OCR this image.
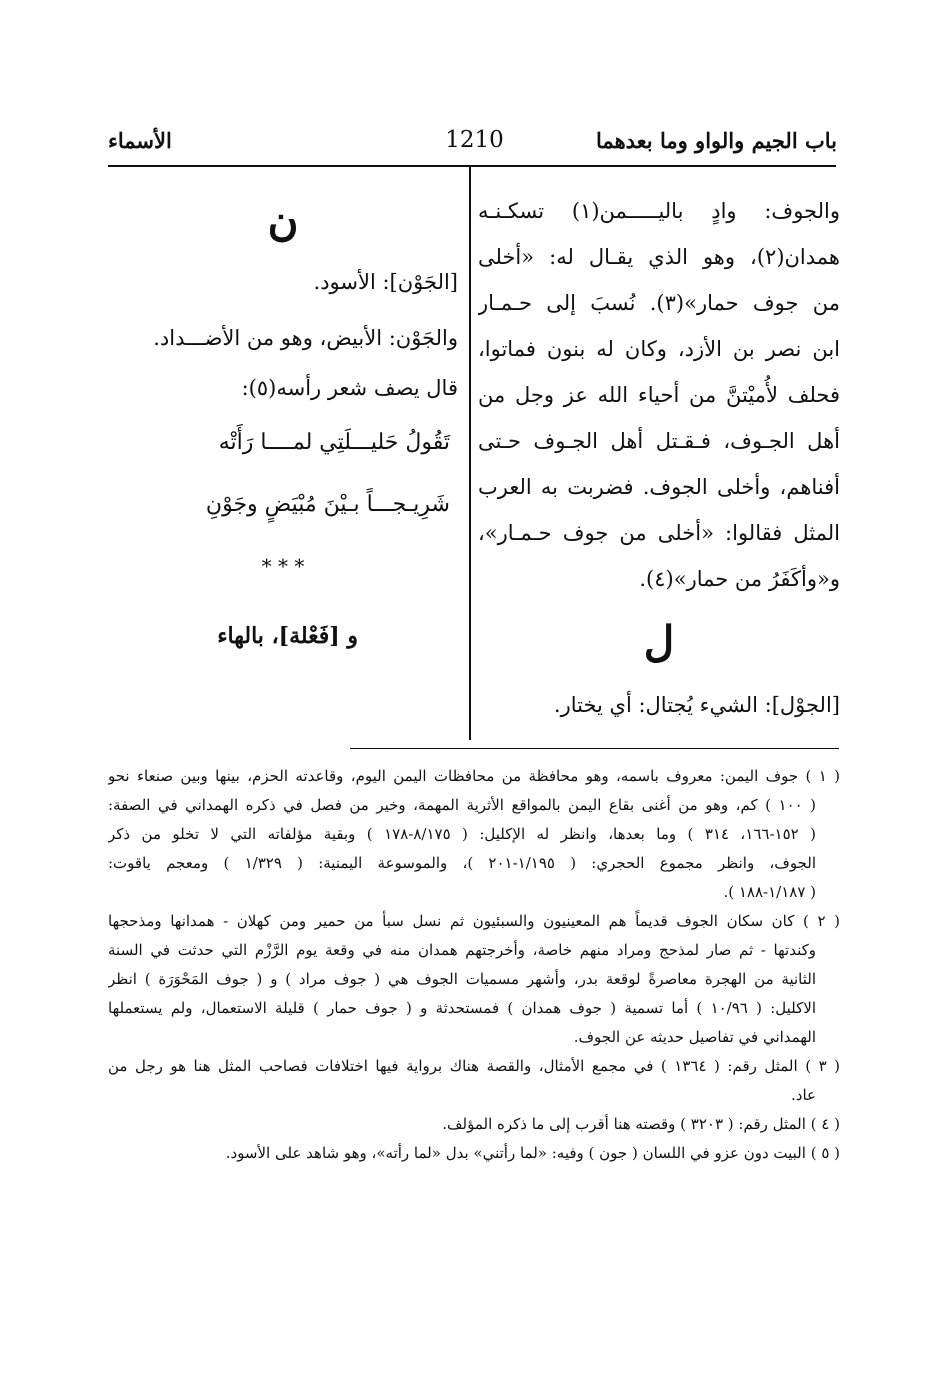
باب الجيم والواو وما بعدهما
1210
الأسماء
والجوف: وادٍ باليـــــمن(١) تسكـنـه
همدان(٢)، وهو الذي يقـال له: «أخلى
من جوف حمار»(٣). نُسبَ إلى حـمـار
ابن نصر بن الأزد، وكان له بنون فماتوا،
فحلف لأُميْتنَّ من أحياء الله عز وجل من
أهل الجـوف، فـقـتل أهل الجـوف حـتى
أفناهم، وأخلى الجوف. فضربت به العرب
المثل فقالوا: «أخلى من جوف حـمـار»،
و«وأكَفَرُ من حمار»(٤).
ل
[الجوْل]: الشيء يُجتال: أي يختار.
ن
[الجَوْن]: الأسود.
والجَوْن: الأبيض، وهو من الأضـــداد.
قال يصف شعر رأسه(٥):
تَقُولُ حَليـــلَتِي لمــــا رَأَتْه
شَرِيـجـــاً بـيْنَ مُبْيَضٍ وجَوْنِ
* * *
و [فَعْلة]، بالهاء
( ١ ) جوف اليمن: معروف باسمه، وهو محافظة من محافظات اليمن اليوم، وقاعدته الحزم، بينها وبين صنعاء نحو
( ١٠٠ ) كم، وهو من أغنى بقاع اليمن بالمواقع الأثرية المهمة، وخير من فصل في ذكره الهمداني في الصفة:
( ١٥٢-١٦٦، ٣١٤ ) وما بعدها، وانظر له الإكليل: ( ٨/١٧٥-١٧٨ ) وبقية مؤلفاته التي لا تخلو من ذكر
الجوف، وانظر مجموع الحجري: ( ١/١٩٥-٢٠١ )، والموسوعة اليمنية: ( ١/٣٢٩ ) ومعجم ياقوت:
( ١/١٨٧-١٨٨ ).
( ٢ ) كان سكان الجوف قديماً هم المعينيون والسبئيون ثم نسل سبأ من حمير ومن كهلان - همدانها ومذحجها
وكندتها - ثم صار لمذحج ومراد منهم خاصة، وأخرجتهم همدان منه في وقعة يوم الرَّزْم التي حدثت في السنة
الثانية من الهجرة معاصرةً لوقعة بدر، وأشهر مسميات الجوف هي ( جوف مراد ) و ( جوف المَحْوَرَة ) انظر
الاكليل: ( ١٠/٩٦ ) أما تسمية ( جوف همدان ) فمستحدثة و ( جوف حمار ) قليلة الاستعمال، ولم يستعملها
الهمداني في تفاصيل حديثه عن الجوف.
( ٣ ) المثل رقم: ( ١٣٦٤ ) في مجمع الأمثال، والقصة هناك برواية فيها اختلافات فصاحب المثل هنا هو رجل من
عاد.
( ٤ ) المثل رقم: ( ٣٢٠٣ ) وقصته هنا أقرب إلى ما ذكره المؤلف.
( ٥ ) البيت دون عزو في اللسان ( جون ) وفيه: «لما رأتني» بدل «لما رأته»، وهو شاهد على الأسود.
